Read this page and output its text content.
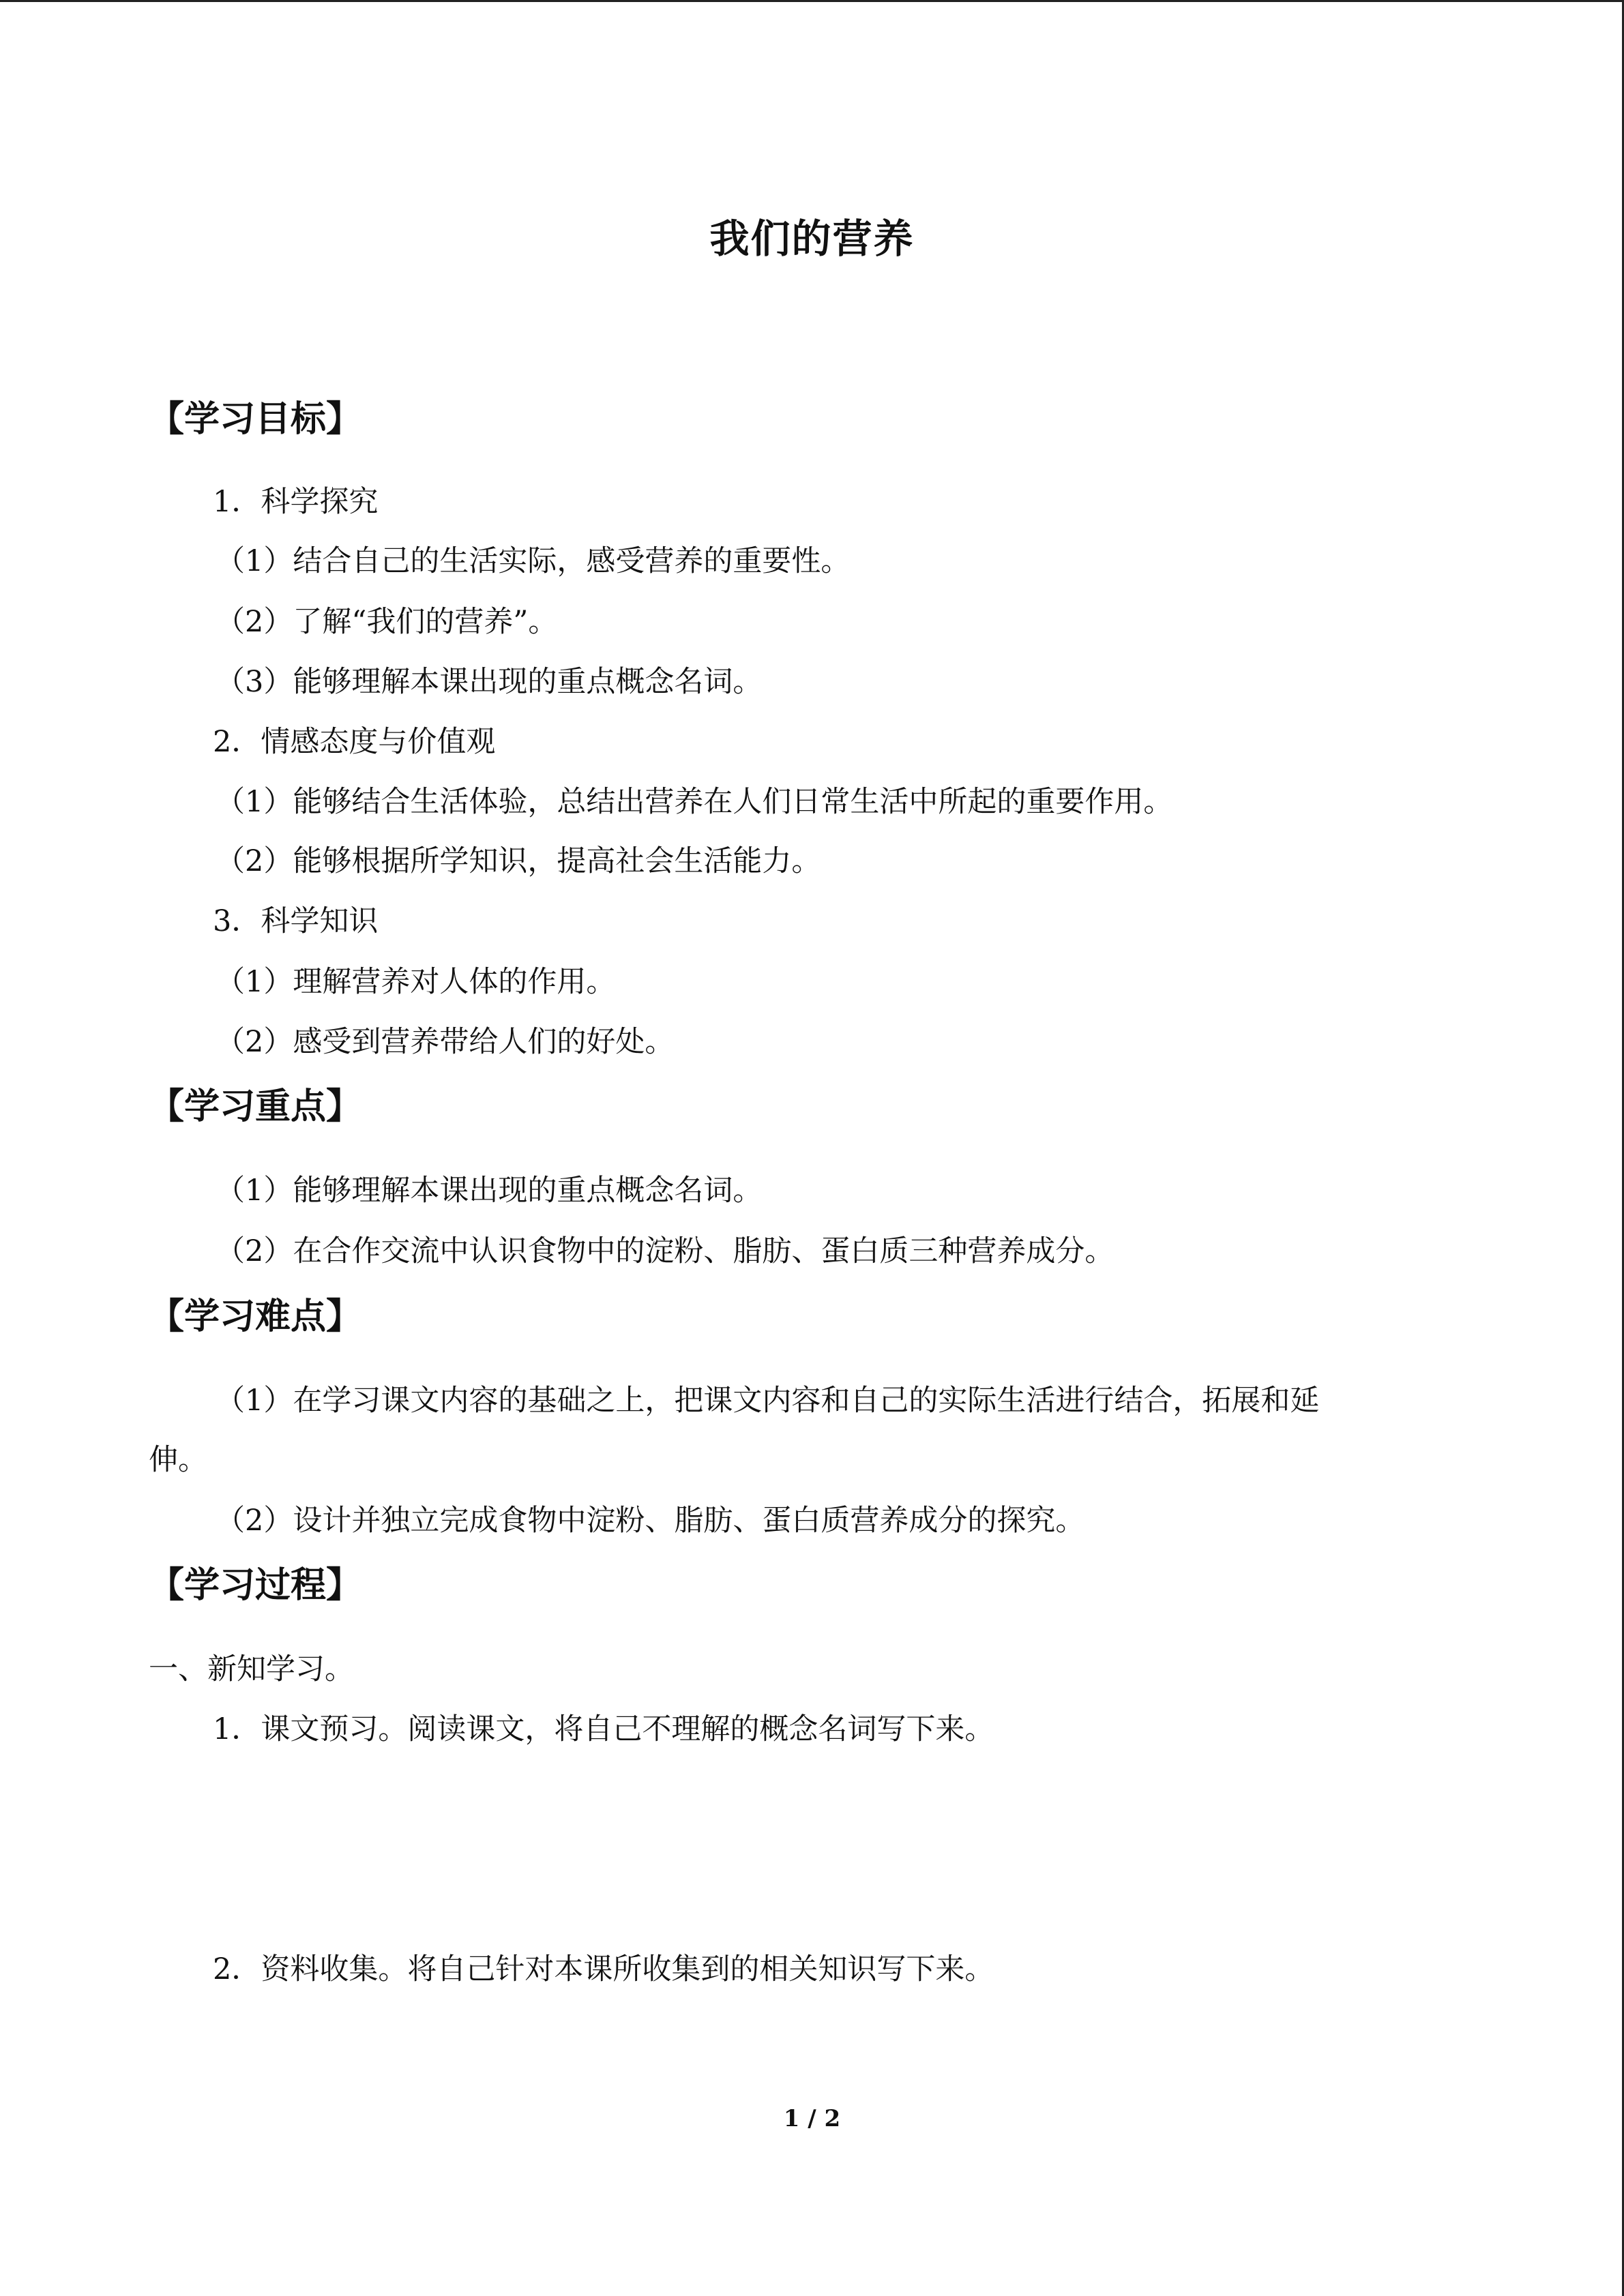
我们的营养
【学习目标】
1．科学探究
（1）结合自己的生活实际，感受营养的重要性。
（2）了解“我们的营养”。
（3）能够理解本课出现的重点概念名词。
2．情感态度与价值观
（1）能够结合生活体验，总结出营养在人们日常生活中所起的重要作用。
（2）能够根据所学知识，提高社会生活能力。
3．科学知识
（1）理解营养对人体的作用。
（2）感受到营养带给人们的好处。
【学习重点】
（1）能够理解本课出现的重点概念名词。
（2）在合作交流中认识食物中的淀粉、脂肪、蛋白质三种营养成分。
【学习难点】
（1）在学习课文内容的基础之上，把课文内容和自己的实际生活进行结合，拓展和延
伸。
（2）设计并独立完成食物中淀粉、脂肪、蛋白质营养成分的探究。
【学习过程】
一、新知学习。
1．课文预习。阅读课文，将自己不理解的概念名词写下来。
2．资料收集。将自己针对本课所收集到的相关知识写下来。
1 / 2
